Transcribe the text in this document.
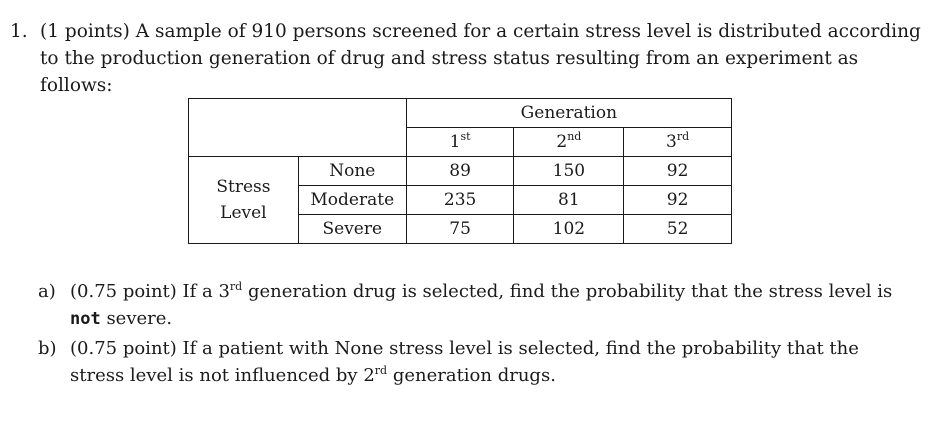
1. (1 points) A sample of 910 persons screened for a certain stress level is distributed according to the production generation of drug and stress status resulting from an experiment as follows:
		Generation		
		1st	2nd	3rd
Stress
Level	None	89	150	92
	Moderate	235	81	92
	Severe	75	102	52
a) (0.75 point) If a 3rd generation drug is selected, find the probability that the stress level is not severe.
b) (0.75 point) If a patient with None stress level is selected, find the probability that the stress level is not influenced by 2rd generation drugs.
